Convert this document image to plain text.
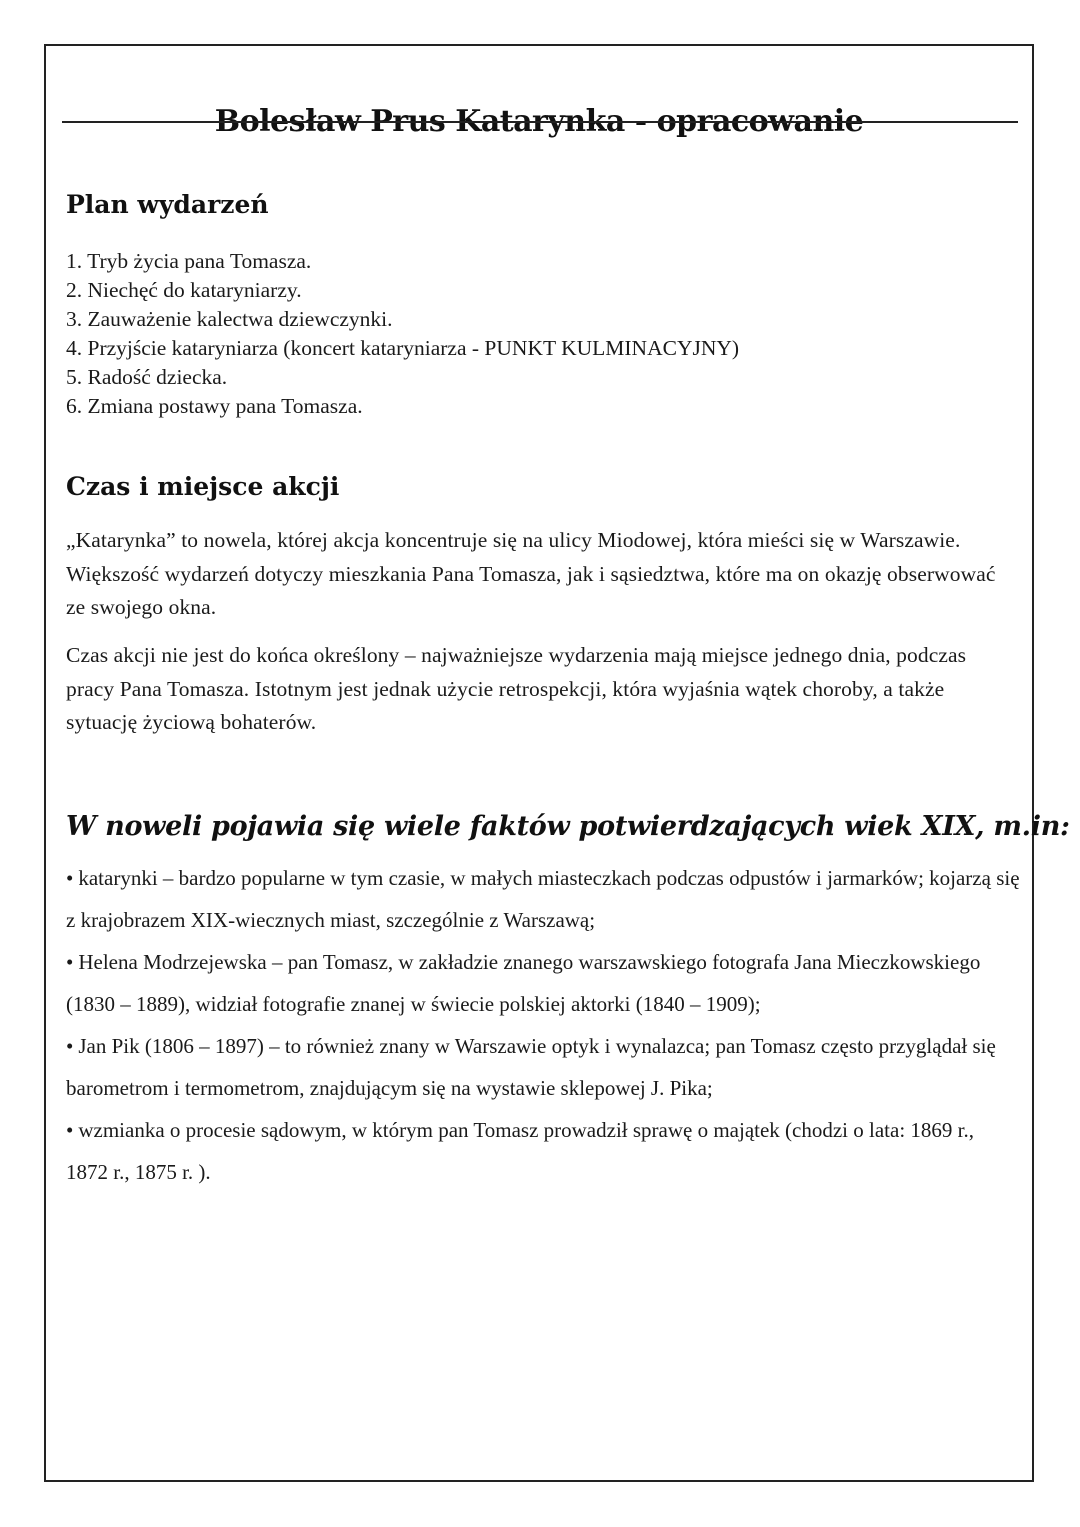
Bolesław Prus Katarynka - opracowanie
Plan wydarzeń
1. Tryb życia pana Tomasza.
2. Niechęć do kataryniarzy.
3. Zauważenie kalectwa dziewczynki.
4. Przyjście kataryniarza (koncert kataryniarza - PUNKT KULMINACYJNY)
5. Radość dziecka.
6. Zmiana postawy pana Tomasza.
Czas i miejsce akcji

„Katarynka” to nowela, której akcja koncentruje się na ulicy Miodowej, która mieści się w Warszawie. Większość wydarzeń dotyczy mieszkania Pana Tomasza, jak i sąsiedztwa, które ma on okazję obserwować ze swojego okna.

Czas akcji nie jest do końca określony – najważniejsze wydarzenia mają miejsce jednego dnia, podczas pracy Pana Tomasza. Istotnym jest jednak użycie retrospekcji, która wyjaśnia wątek choroby, a także sytuację życiową bohaterów.

W noweli pojawia się wiele faktów potwierdzających wiek XIX, m.in:

• katarynki – bardzo popularne w tym czasie, w małych miasteczkach podczas odpustów i jarmarków; kojarzą się z krajobrazem XIX-wiecznych miast, szczególnie z Warszawą;

• Helena Modrzejewska – pan Tomasz, w zakładzie znanego warszawskiego fotografa Jana Mieczkowskiego (1830 – 1889), widział fotografie znanej w świecie polskiej aktorki (1840 – 1909);

• Jan Pik (1806 – 1897) – to również znany w Warszawie optyk i wynalazca; pan Tomasz często przyglądał się barometrom i termometrom, znajdującym się na wystawie sklepowej J. Pika;

• wzmianka o procesie sądowym, w którym pan Tomasz prowadził sprawę o majątek (chodzi o lata: 1869 r., 1872 r., 1875 r. ).
